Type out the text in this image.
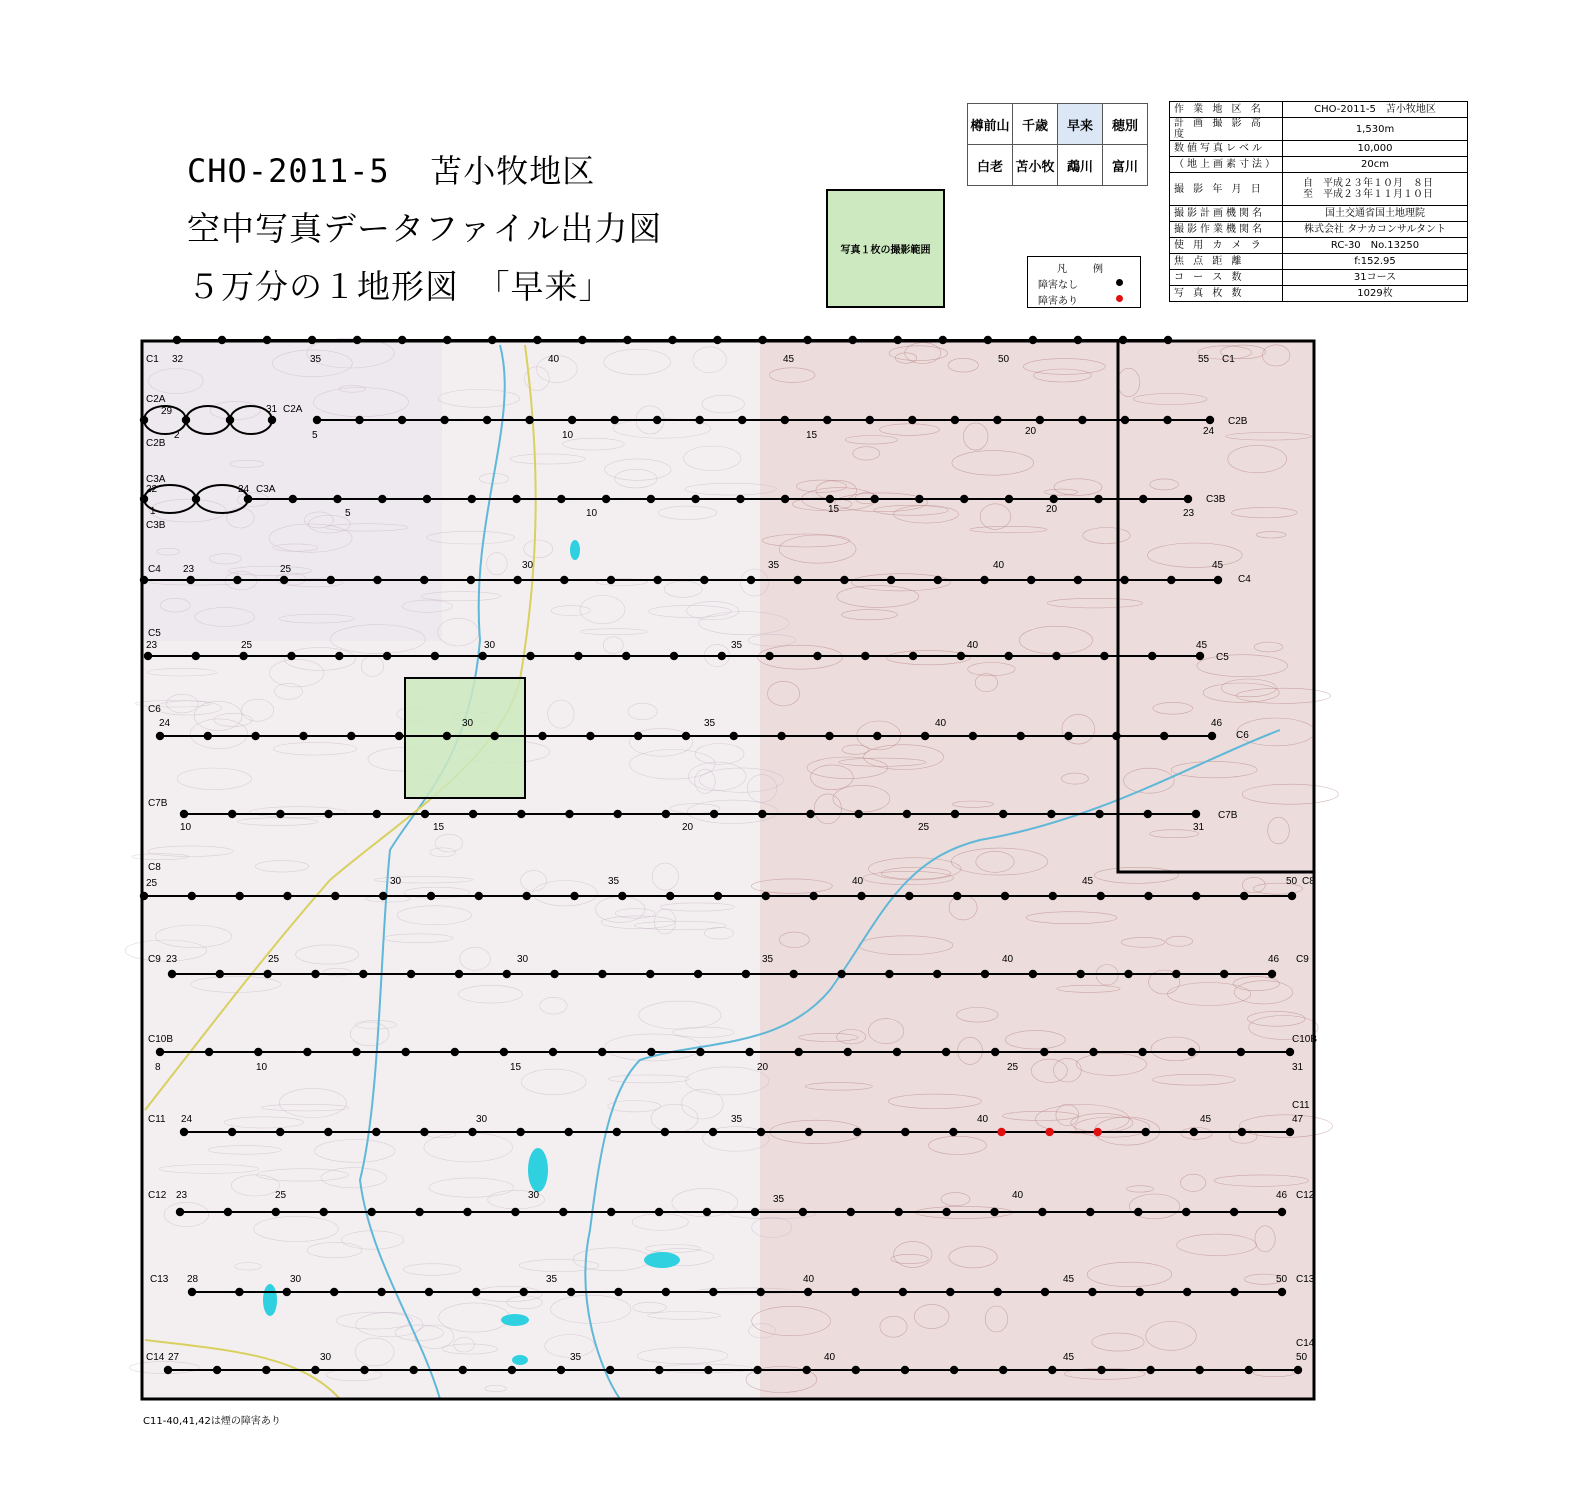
CHO-2011-5  苫小牧地区
空中写真データファイル出力図
５万分の１地形図　「早来」
樽前山	千歳	早来	穂別
白老	苫小牧	鵡川	富川
作 業 地 区 名	CHO-2011-5　苫小牧地区
計 画 撮 影 高 度	1,530m
数値写真レベル	10,000
（地上画素寸法）	20cm
撮 影 年 月 日	自　平成２３年１０月　８日
至　平成２３年１１月１０日

撮影計画機関名	国土交通省国土地理院
撮影作業機関名	株式会社 タナカコンサルタント
使 用 カ メ ラ	RC-30　No.13250
焦 点 距 離	f:152.95
コ ー ス 数	31コース
写 真 枚 数	1029枚
写真１枚の撮影範囲
凡　例
障害なし
障害あり
C1 32	35	40	45	50	55 C1
C2A
29
2
31 C2A
C2B
5	10	15	20	24
C2B
C3A
22
1
24 C3A
C3B
5	10	15	20	23
C3B
C4 23	25	30	35	40	45
C4
C5
23	25	30	35	40	45
C5
C6
24	30	35	40	46
C6
C7B
10	15	20	25	31
C7B
C8
25	30	35	40	45	50 C8
C9 23	25	30	35	40	46 C9
C10B
8	10	15	20	25
C10B
31
C11 24	30	35	40	45
C11
47
C12 23	25	30	35	40	46 C12
C13 28	30	35	40	45	50 C13
C14 27	30	35	40	45
C14
50
C11-40,41,42は煙の障害あり
